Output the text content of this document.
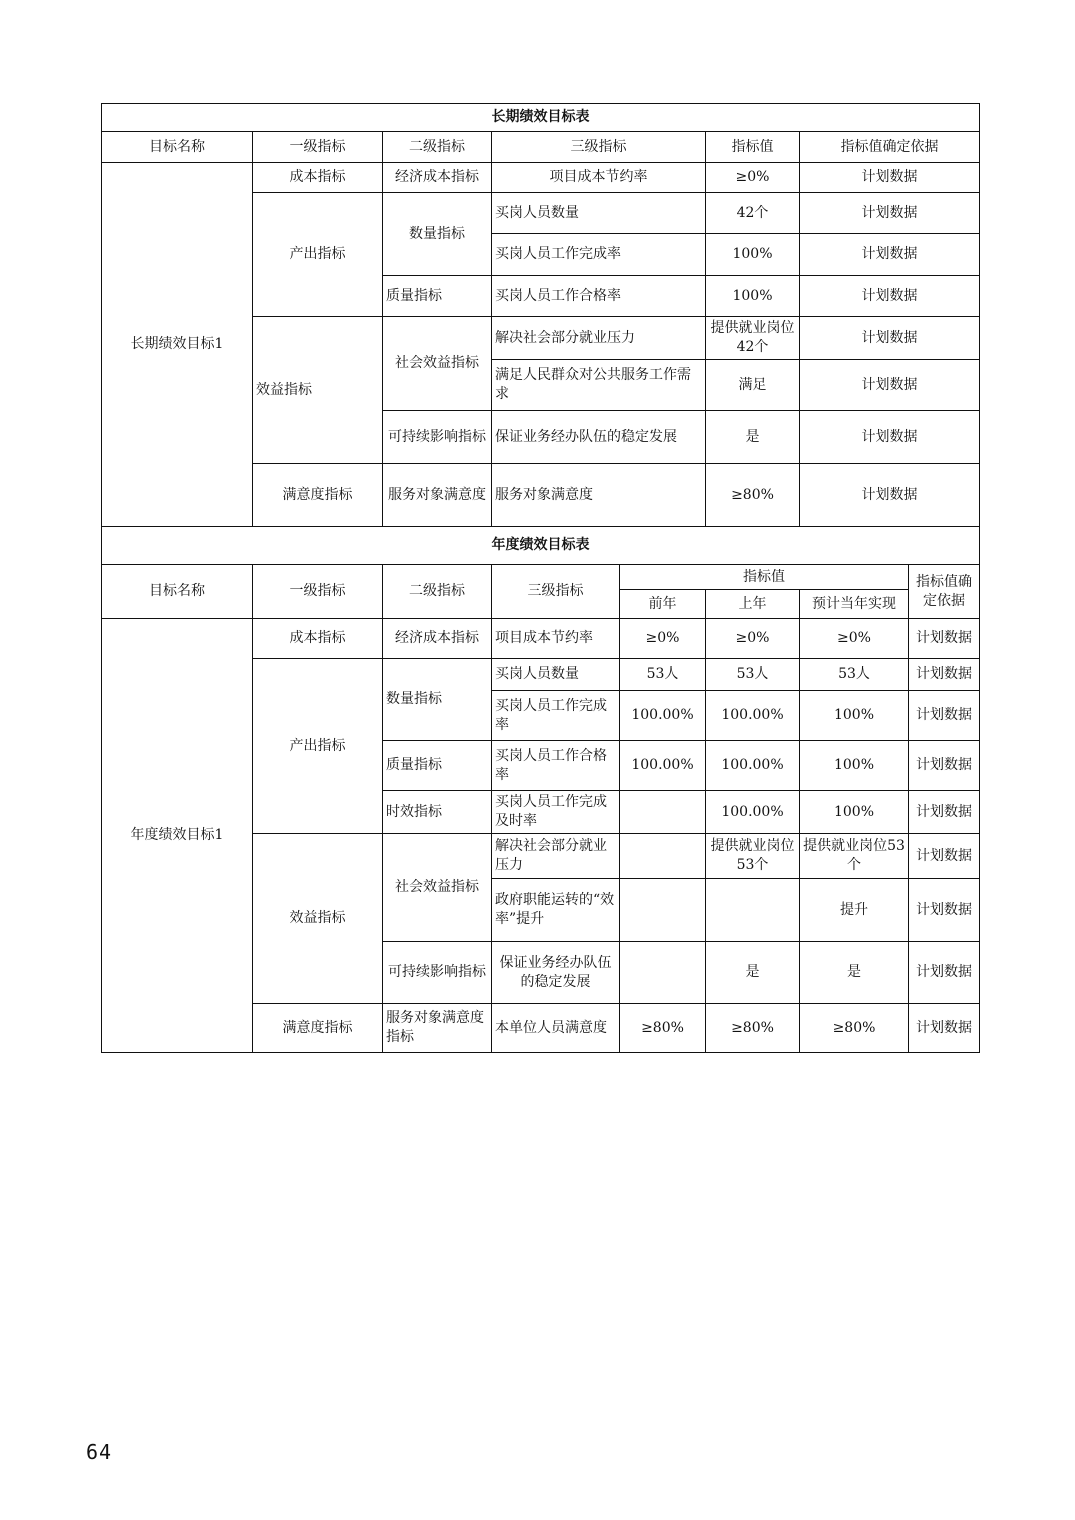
长期绩效目标表					
目标名称	一级指标	二级指标	三级指标	指标值	指标值确定依据
长期绩效目标1	成本指标	经济成本指标	项目成本节约率	≥0%	计划数据
	产出指标	数量指标	买岗人员数量	42个	计划数据
			买岗人员工作完成率	100%	计划数据
		质量指标	买岗人员工作合格率	100%	计划数据
	效益指标	社会效益指标	解决社会部分就业压力	提供就业岗位42个	计划数据
			满足人民群众对公共服务工作需求	满足	计划数据
		可持续影响指标	保证业务经办队伍的稳定发展	是	计划数据
	满意度指标	服务对象满意度	服务对象满意度	≥80%	计划数据
年度绩效目标表							
目标名称	一级指标	二级指标	三级指标	指标值			指标值确定依据
				前年	上年	预计当年实现	
年度绩效目标1	成本指标	经济成本指标	项目成本节约率	≥0%	≥0%	≥0%	计划数据
	产出指标	数量指标	买岗人员数量	53人	53人	53人	计划数据
			买岗人员工作完成率	100.00%	100.00%	100%	计划数据
		质量指标	买岗人员工作合格率	100.00%	100.00%	100%	计划数据
		时效指标	买岗人员工作完成及时率		100.00%	100%	计划数据
	效益指标	社会效益指标	解决社会部分就业压力		提供就业岗位53个	提供就业岗位53个	计划数据
			政府职能运转的“效率”提升			提升	计划数据
		可持续影响指标	保证业务经办队伍的稳定发展		是	是	计划数据
	满意度指标	服务对象满意度指标	本单位人员满意度	≥80%	≥80%	≥80%	计划数据
64
